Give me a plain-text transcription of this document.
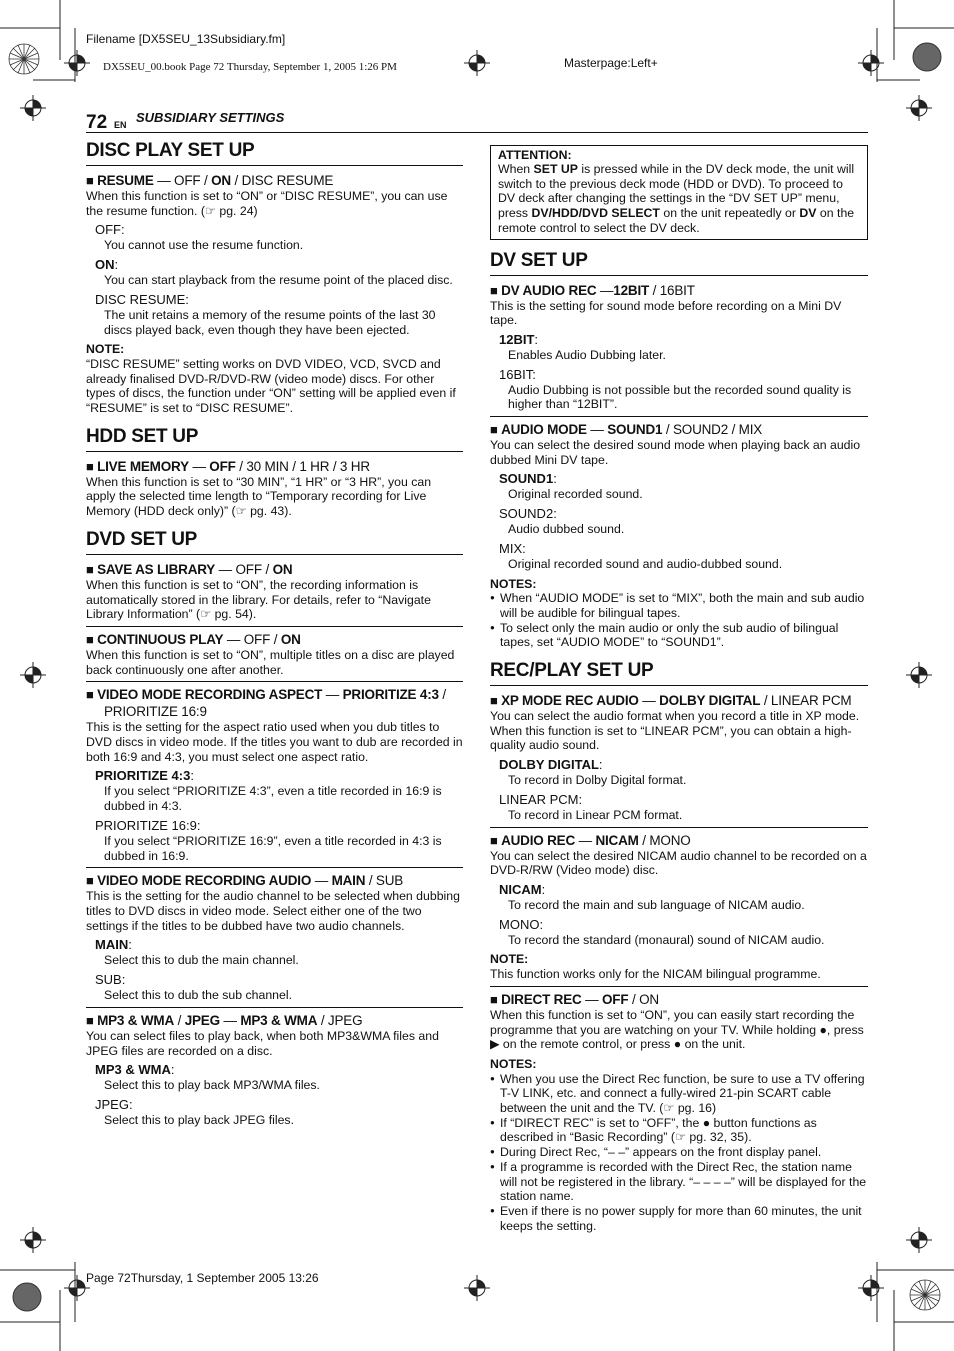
Filename [DX5SEU_13Subsidiary.fm]
DX5SEU_00.book Page 72 Thursday, September 1, 2005 1:26 PM	Masterpage:Left+
Page 72Thursday, 1 September 2005 13:26
72 EN SUBSIDIARY SETTINGS
DISC PLAY SET UP
■ RESUME — OFF / ON / DISC RESUME
When this function is set to “ON” or “DISC RESUME”, you can use the resume function. (☞ pg. 24)
OFF:
You cannot use the resume function.
ON:
You can start playback from the resume point of the placed disc.
DISC RESUME:
The unit retains a memory of the resume points of the last 30 discs played back, even though they have been ejected.
NOTE:
“DISC RESUME” setting works on DVD VIDEO, VCD, SVCD and already finalised DVD-R/DVD-RW (video mode) discs. For other types of discs, the function under “ON” setting will be applied even if “RESUME” is set to “DISC RESUME”.
HDD SET UP
■ LIVE MEMORY — OFF / 30 MIN / 1 HR / 3 HR
When this function is set to “30 MIN”, “1 HR” or “3 HR”, you can apply the selected time length to “Temporary recording for Live Memory (HDD deck only)” (☞ pg. 43).
DVD SET UP
■ SAVE AS LIBRARY — OFF / ON
When this function is set to “ON”, the recording information is automatically stored in the library. For details, refer to “Navigate Library Information” (☞ pg. 54).
■ CONTINUOUS PLAY — OFF / ON
When this function is set to “ON”, multiple titles on a disc are played back continuously one after another.
■ VIDEO MODE RECORDING ASPECT — PRIORITIZE 4:3 /
PRIORITIZE 16:9
This is the setting for the aspect ratio used when you dub titles to DVD discs in video mode. If the titles you want to dub are recorded in both 16:9 and 4:3, you must select one aspect ratio.
PRIORITIZE 4:3:
If you select “PRIORITIZE 4:3”, even a title recorded in 16:9 is dubbed in 4:3.
PRIORITIZE 16:9:
If you select “PRIORITIZE 16:9”, even a title recorded in 4:3 is dubbed in 16:9.
■ VIDEO MODE RECORDING AUDIO — MAIN / SUB
This is the setting for the audio channel to be selected when dubbing titles to DVD discs in video mode. Select either one of the two settings if the titles to be dubbed have two audio channels.
MAIN:
Select this to dub the main channel.
SUB:
Select this to dub the sub channel.
■ MP3 & WMA / JPEG — MP3 & WMA / JPEG
You can select files to play back, when both MP3&WMA files and JPEG files are recorded on a disc.
MP3 & WMA:
Select this to play back MP3/WMA files.
JPEG:
Select this to play back JPEG files.
ATTENTION:
When SET UP is pressed while in the DV deck mode, the unit will switch to the previous deck mode (HDD or DVD). To proceed to DV deck after changing the settings in the “DV SET UP” menu, press DV/HDD/DVD SELECT on the unit repeatedly or DV on the remote control to select the DV deck.
DV SET UP
■ DV AUDIO REC —12BIT / 16BIT
This is the setting for sound mode before recording on a Mini DV tape.
12BIT:
Enables Audio Dubbing later.
16BIT:
Audio Dubbing is not possible but the recorded sound quality is higher than “12BIT”.
■ AUDIO MODE — SOUND1 / SOUND2 / MIX
You can select the desired sound mode when playing back an audio dubbed Mini DV tape.
SOUND1:
Original recorded sound.
SOUND2:
Audio dubbed sound.
MIX:
Original recorded sound and audio-dubbed sound.
NOTES:
● When “AUDIO MODE” is set to “MIX”, both the main and sub audio will be audible for bilingual tapes.
● To select only the main audio or only the sub audio of bilingual tapes, set “AUDIO MODE” to “SOUND1”.
REC/PLAY SET UP
■ XP MODE REC AUDIO — DOLBY DIGITAL / LINEAR PCM
You can select the audio format when you record a title in XP mode. When this function is set to “LINEAR PCM”, you can obtain a high-quality audio sound.
DOLBY DIGITAL:
To record in Dolby Digital format.
LINEAR PCM:
To record in Linear PCM format.
■ AUDIO REC — NICAM / MONO
You can select the desired NICAM audio channel to be recorded on a DVD-R/RW (Video mode) disc.
NICAM:
To record the main and sub language of NICAM audio.
MONO:
To record the standard (monaural) sound of NICAM audio.
NOTE:
This function works only for the NICAM bilingual programme.
■ DIRECT REC — OFF / ON
When this function is set to “ON”, you can easily start recording the programme that you are watching on your TV. While holding ●, press ▶ on the remote control, or press ● on the unit.
NOTES:
● When you use the Direct Rec function, be sure to use a TV offering T-V LINK, etc. and connect a fully-wired 21-pin SCART cable between the unit and the TV. (☞ pg. 16)
● If “DIRECT REC” is set to “OFF”, the ● button functions as described in “Basic Recording” (☞ pg. 32, 35).
● During Direct Rec, “– –” appears on the front display panel.
● If a programme is recorded with the Direct Rec, the station name will not be registered in the library. “– – – –” will be displayed for the station name.
● Even if there is no power supply for more than 60 minutes, the unit keeps the setting.
